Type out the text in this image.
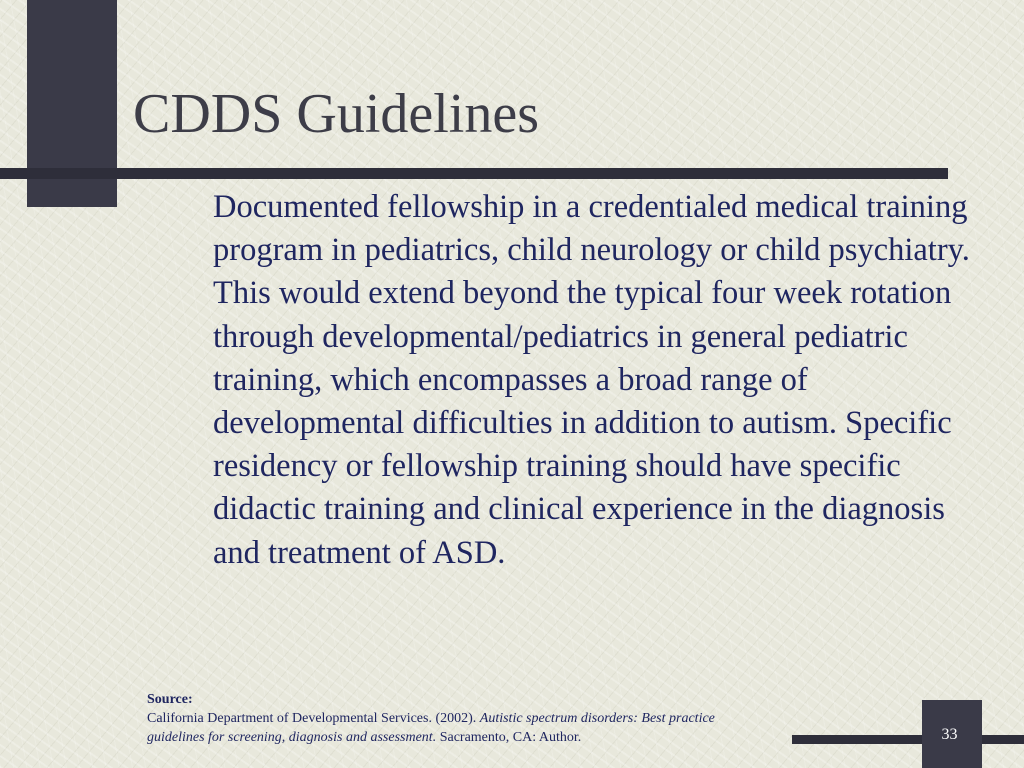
CDDS Guidelines

Documented fellowship in a credentialed medical training program in pediatrics, child neurology or child psychiatry. This would extend beyond the typical four week rotation through developmental/pediatrics in general pediatric training, which encompasses a broad range of developmental difficulties in addition to autism. Specific residency or fellowship training should have specific didactic training and clinical experience in the diagnosis and treatment of ASD.

Source:
California Department of Developmental Services. (2002). Autistic spectrum disorders: Best practice
guidelines for screening, diagnosis and assessment. Sacramento, CA: Author.	33
